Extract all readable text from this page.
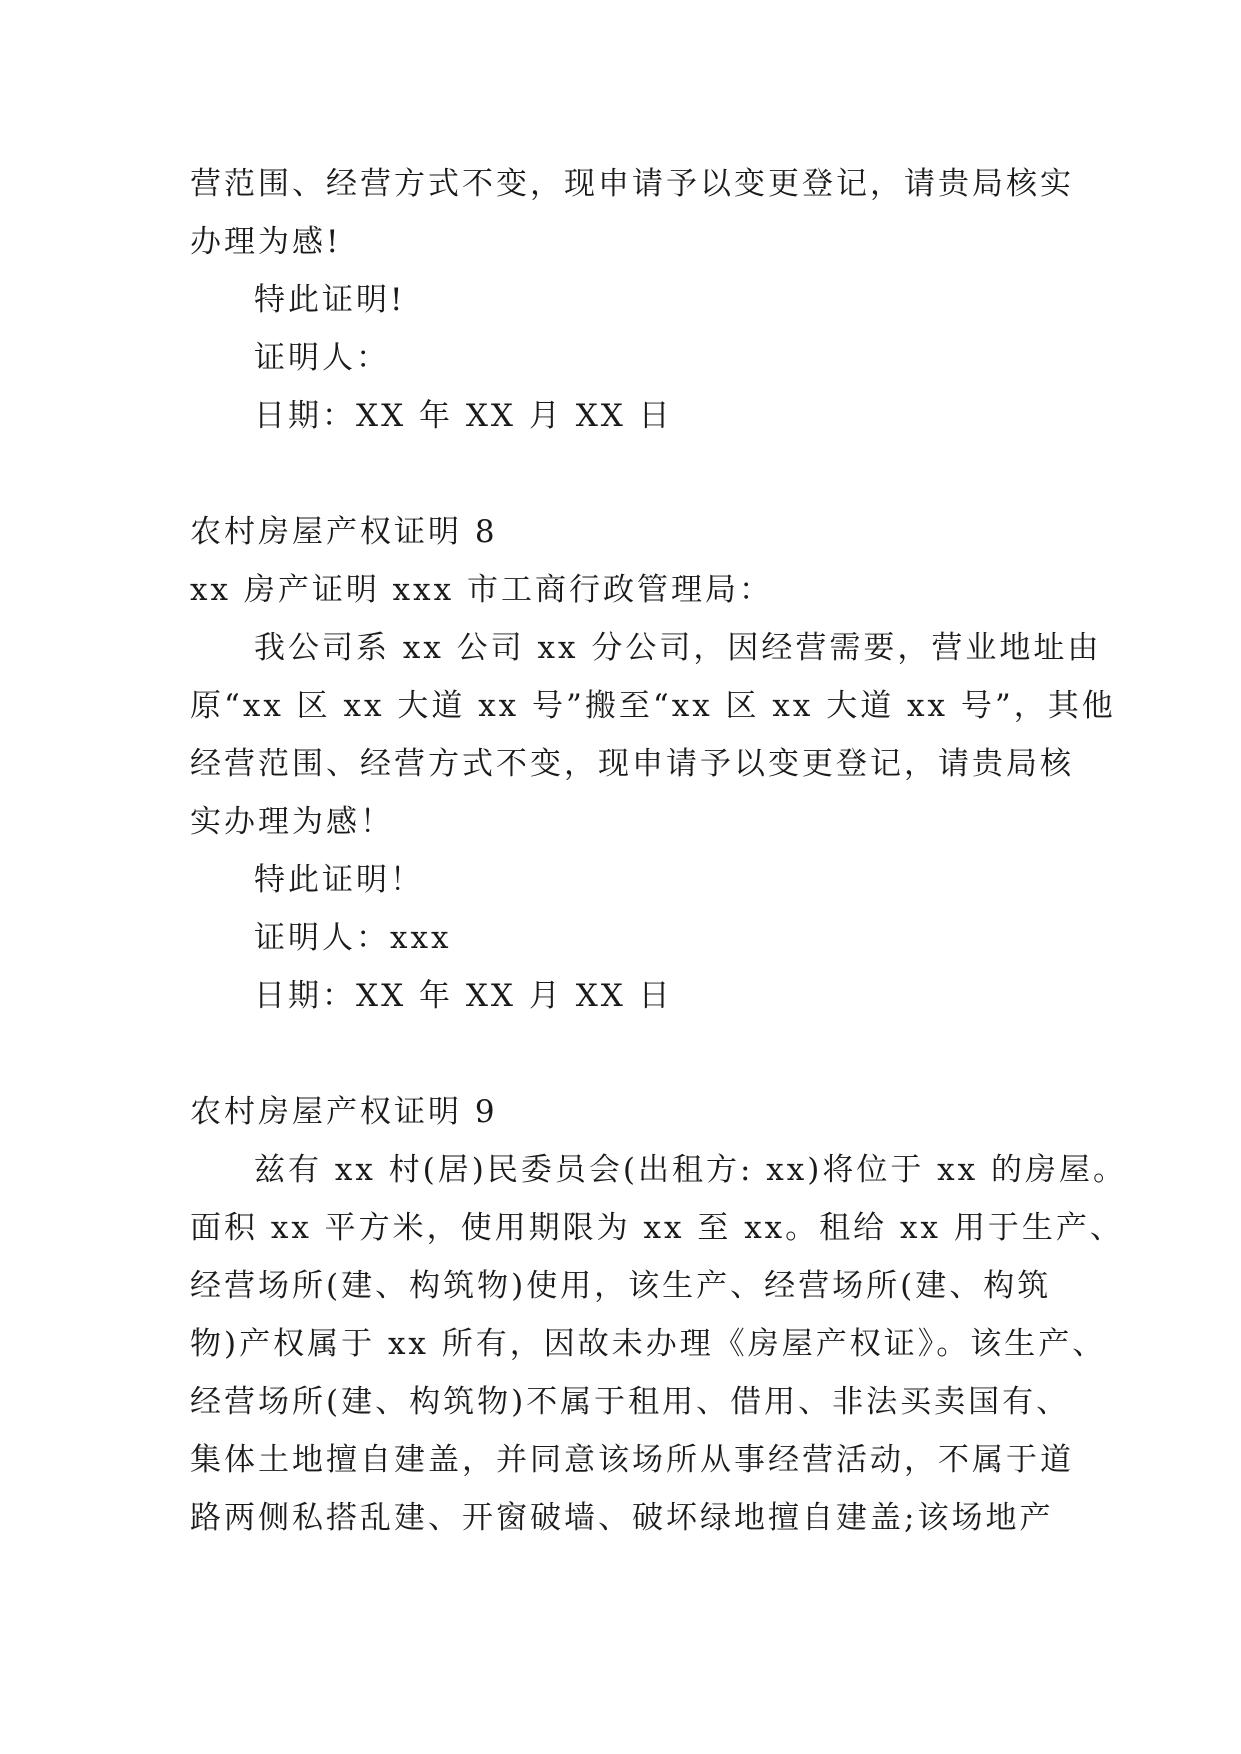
营范围、经营方式不变，现申请予以变更登记，请贵局核实
办理为感!
特此证明!
证明人：
日期：XX 年 XX 月 XX 日
农村房屋产权证明 8
xx 房产证明 xxx 市工商行政管理局：
我公司系 xx 公司 xx 分公司，因经营需要，营业地址由
原“xx 区 xx 大道 xx 号”搬至“xx 区 xx 大道 xx 号”，其他
经营范围、经营方式不变，现申请予以变更登记，请贵局核
实办理为感！
特此证明！
证明人：xxx
日期：XX 年 XX 月 XX 日
农村房屋产权证明 9
兹有 xx 村(居)民委员会(出租方: xx)将位于 xx 的房屋。
面积 xx 平方米，使用期限为 xx 至 xx。租给 xx 用于生产、
经营场所(建、构筑物)使用，该生产、经营场所(建、构筑
物)产权属于 xx 所有，因故未办理《房屋产权证》。该生产、
经营场所(建、构筑物)不属于租用、借用、非法买卖国有、
集体土地擅自建盖，并同意该场所从事经营活动，不属于道
路两侧私搭乱建、开窗破墙、破坏绿地擅自建盖;该场地产
